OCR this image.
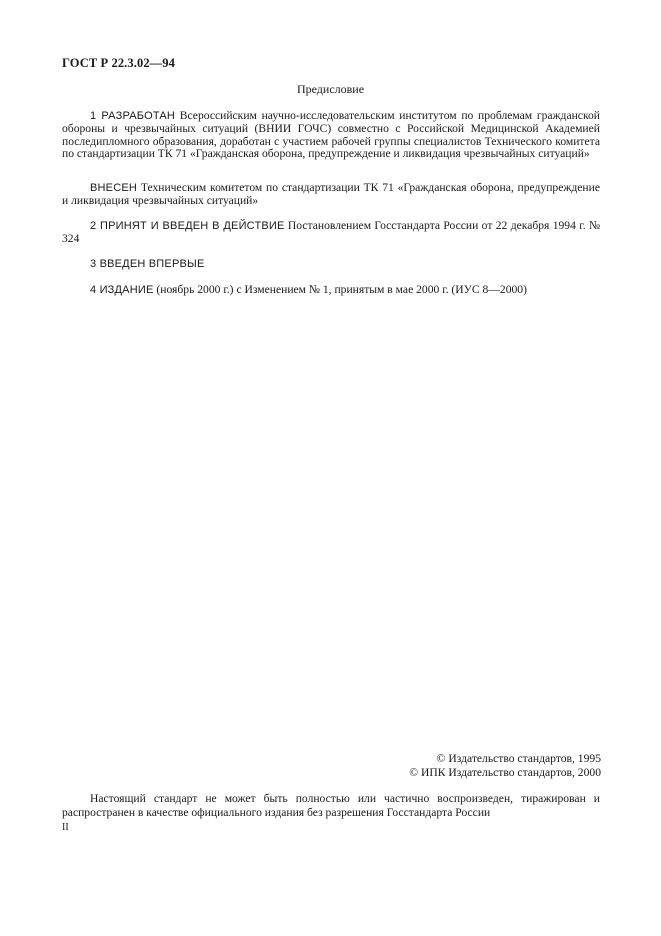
ГОСТ Р 22.3.02—94
Предисловие

1 РАЗРАБОТАН Всероссийским научно-исследовательским институтом по проблемам гражданской обороны и чрезвычайных ситуаций (ВНИИ ГОЧС) совместно с Российской Медицинской Академией последипломного образования, доработан с участием рабочей группы специалистов Технического комитета по стандартизации ТК 71 «Гражданская оборона, предупреждение и ликвидация чрезвычайных ситуаций»

ВНЕСЕН Техническим комитетом по стандартизации ТК 71 «Гражданская оборона, предупреждение и ликвидация чрезвычайных ситуаций»

2 ПРИНЯТ И ВВЕДЕН В ДЕЙСТВИЕ Постановлением Госстандарта России от 22 декабря 1994 г. № 324

3 ВВЕДЕН ВПЕРВЫЕ

4 ИЗДАНИЕ (ноябрь 2000 г.) с Изменением № 1, принятым в мае 2000 г. (ИУС 8—2000)

© Издательство стандартов, 1995
© ИПК Издательство стандартов, 2000

Настоящий стандарт не может быть полностью или частично воспроизведен, тиражирован и распространен в качестве официального издания без разрешения Госстандарта России

II
